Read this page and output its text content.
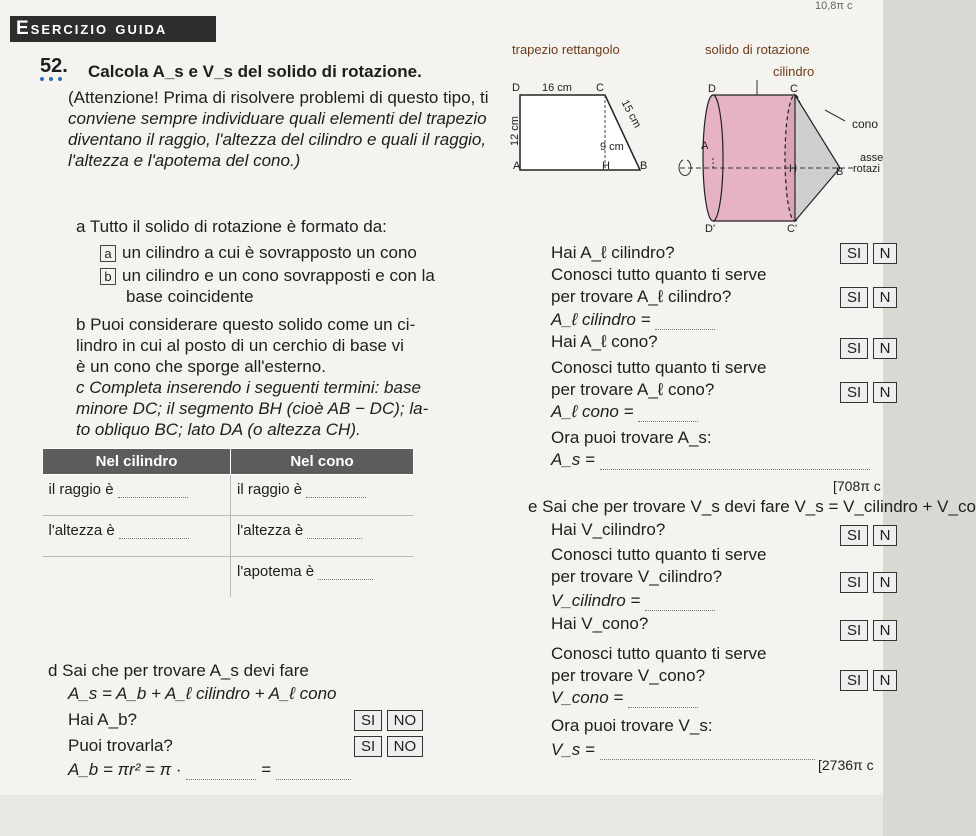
10,8π c
Esercizio guida
52. Calcola A_s e V_s del solido di rotazione.
(Attenzione! Prima di risolvere problemi di questo tipo, ti
conviene sempre individuare quali elementi del trapezio
diventano il raggio, l'altezza del cilindro e quali il raggio,
l'altezza e l'apotema del cono.)
trapezio rettangolo	solido di rotazione
D 16 cm C
12 cm
15 cm
9 cm
A	H	B
cilindro
D	C
cono
A
H	B
asse
rotazi
D'	C'
a Tutto il solido di rotazione è formato da:
a un cilindro a cui è sovrapposto un cono
b un cilindro e un cono sovrapposti e con la
base coincidente
b Puoi considerare questo solido come un ci-
lindro in cui al posto di un cerchio di base vi
è un cono che sporge all'esterno.
c Completa inserendo i seguenti termini: base
minore DC; il segmento BH (cioè AB − DC); la-
to obliquo BC; lato DA (o altezza CH).
Nel cilindro	Nel cono
il raggio è	il raggio è
l'altezza è	l'altezza è
	l'apotema è
d Sai che per trovare A_s devi fare
A_s = A_b + A_ℓ cilindro + A_ℓ cono
Hai A_b?	SI NO
Puoi trovarla?	SI NO
A_b = πr² = π ·	=
Hai A_ℓ cilindro?	SI N
Conosci tutto quanto ti serve
per trovare A_ℓ cilindro?	SI N
A_ℓ cilindro =
Hai A_ℓ cono?	SI N
Conosci tutto quanto ti serve
per trovare A_ℓ cono?	SI N
A_ℓ cono =
Ora puoi trovare A_s:
A_s =
[708π c
e Sai che per trovare V_s devi fare V_s = V_cilindro + V_co
Hai V_cilindro?	SI N
Conosci tutto quanto ti serve
per trovare V_cilindro?	SI N
V_cilindro =
Hai V_cono?	SI N
Conosci tutto quanto ti serve
per trovare V_cono?	SI N
V_cono =
Ora puoi trovare V_s:
V_s =
[2736π c
